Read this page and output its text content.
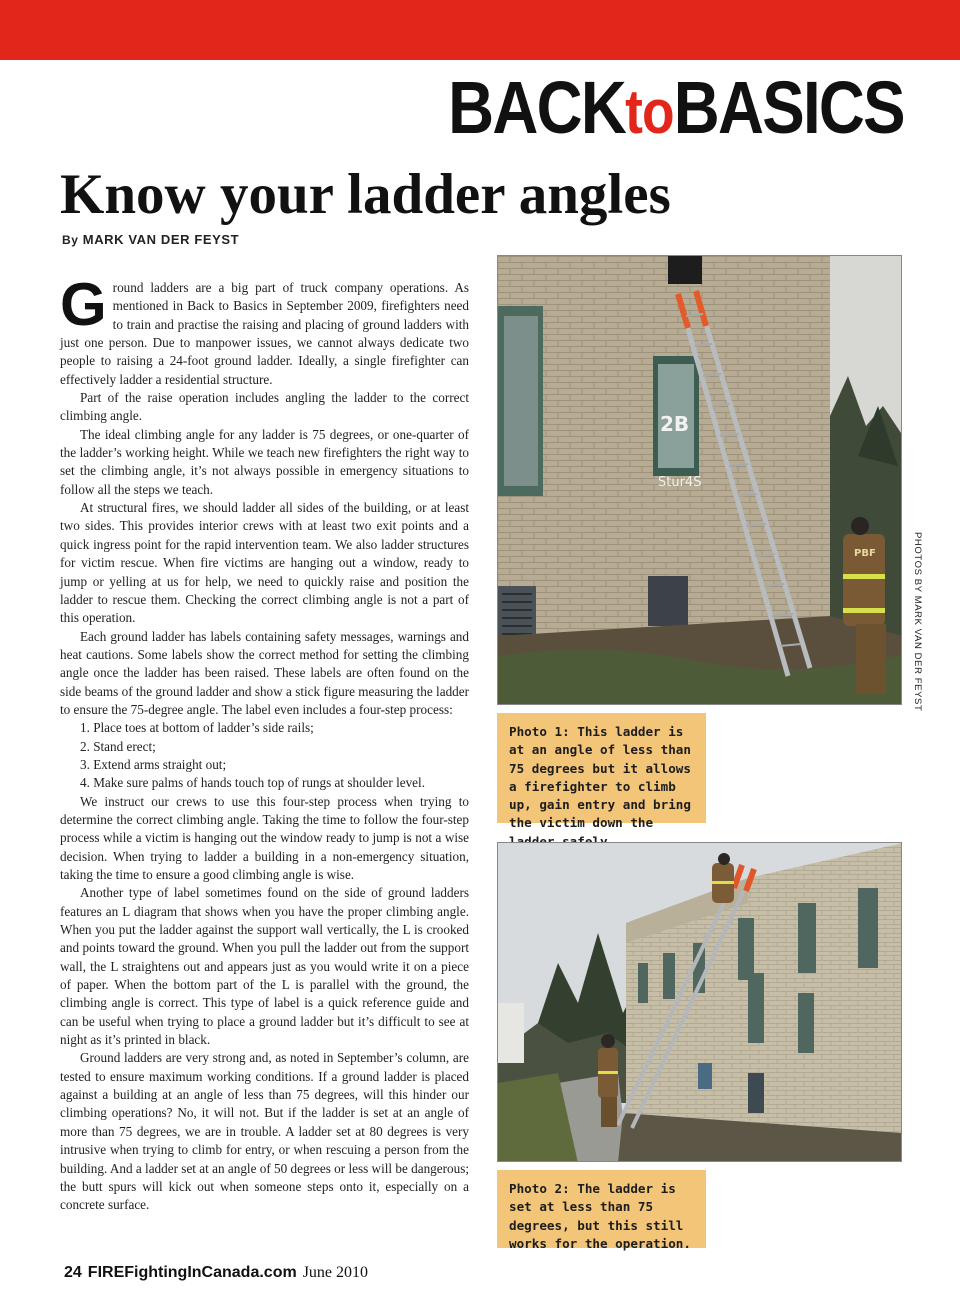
BACKtoBASICS
Know your ladder angles
By MARK VAN DER FEYST

Ground ladders are a big part of truck company operations. As mentioned in Back to Basics in September 2009, firefighters need to train and practise the raising and placing of ground ladders with just one person. Due to manpower issues, we cannot always dedicate two people to raising a 24-foot ground ladder. Ideally, a single firefighter can effectively ladder a residential structure.

Part of the raise operation includes angling the ladder to the correct climbing angle.

The ideal climbing angle for any ladder is 75 degrees, or one-quarter of the ladder’s working height. While we teach new firefighters the right way to set the climbing angle, it’s not always possible in emergency situations to follow all the steps we teach.

At structural fires, we should ladder all sides of the building, or at least two sides. This provides interior crews with at least two exit points and a quick ingress point for the rapid intervention team. We also ladder structures for victim rescue. When fire victims are hanging out a window, ready to jump or yelling at us for help, we need to quickly raise and position the ladder to rescue them. Checking the correct climbing angle is not a part of this operation.

Each ground ladder has labels containing safety messages, warnings and heat cautions. Some labels show the correct method for setting the climbing angle once the ladder has been raised. These labels are often found on the side beams of the ground ladder and show a stick figure measuring the ladder to ensure the 75-degree angle. The label even includes a four-step process:

1. Place toes at bottom of ladder’s side rails;
2. Stand erect;
3. Extend arms straight out;
4. Make sure palms of hands touch top of rungs at shoulder level.

We instruct our crews to use this four-step process when trying to determine the correct climbing angle. Taking the time to follow the four-step process while a victim is hanging out the window ready to jump is not a wise decision. When trying to ladder a building in a non-emergency situation, taking the time to ensure a good climbing angle is wise.

Another type of label sometimes found on the side of ground ladders features an L diagram that shows when you have the proper climbing angle. When you put the ladder against the support wall vertically, the L is crooked and points toward the ground. When you pull the ladder out from the support wall, the L straightens out and appears just as you would write it on a piece of paper. When the bottom part of the L is parallel with the ground, the climbing angle is correct. This type of label is a quick reference guide and can be useful when trying to place a ground ladder but it’s difficult to see at night as it’s printed in black.

Ground ladders are very strong and, as noted in September’s column, are tested to ensure maximum working conditions. If a ground ladder is placed against a building at an angle of less than 75 degrees, will this hinder our climbing operations? No, it will not. But if the ladder is set at an angle of more than 75 degrees, we are in trouble. A ladder set at 80 degrees is very intrusive when trying to climb for entry, or when rescuing a person from the building. And a ladder set at an angle of 50 degrees or less will be dangerous; the butt spurs will kick out when someone steps onto it, especially on a concrete surface.

2B
Stur4S
PBF
Photo 1: This ladder is at an angle of less than 75 degrees but it allows a firefighter to climb up, gain entry and bring the victim down the
PHOTOS BY MARK VAN DER FEYST
Photo 2: The ladder is set at less than 75 degrees, but this still works for the operation.
24 FIREFightingInCanada.com June 2010
